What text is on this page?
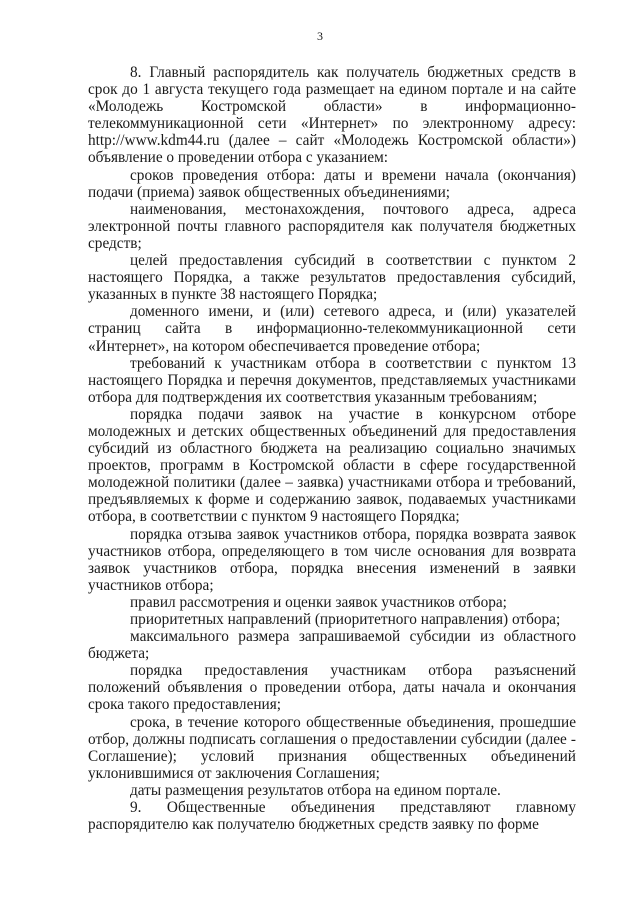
3

8. Главный распорядитель как получатель бюджетных средств в срок до 1 августа текущего года размещает на едином портале и на сайте «Молодежь Костромской области» в информационно-телекоммуникационной сети «Интернет» по электронному адресу: http://www.kdm44.ru (далее – сайт «Молодежь Костромской области») объявление о проведении отбора с указанием:

сроков проведения отбора: даты и времени начала (окончания) подачи (приема) заявок общественных объединениями;

наименования, местонахождения, почтового адреса, адреса электронной почты главного распорядителя как получателя бюджетных средств;

целей предоставления субсидий в соответствии с пунктом 2 настоящего Порядка, а также результатов предоставления субсидий, указанных в пункте 38 настоящего Порядка;

доменного имени, и (или) сетевого адреса, и (или) указателей страниц сайта в информационно-телекоммуникационной сети «Интернет», на котором обеспечивается проведение отбора;

требований к участникам отбора в соответствии с пунктом 13 настоящего Порядка и перечня документов, представляемых участниками отбора для подтверждения их соответствия указанным требованиям;

порядка подачи заявок на участие в конкурсном отборе молодежных и детских общественных объединений для предоставления субсидий из областного бюджета на реализацию социально значимых проектов, программ в Костромской области в сфере государственной молодежной политики (далее – заявка) участниками отбора и требований, предъявляемых к форме и содержанию заявок, подаваемых участниками отбора, в соответствии с пунктом 9 настоящего Порядка;

порядка отзыва заявок участников отбора, порядка возврата заявок участников отбора, определяющего в том числе основания для возврата заявок участников отбора, порядка внесения изменений в заявки участников отбора;

правил рассмотрения и оценки заявок участников отбора;

приоритетных направлений (приоритетного направления) отбора;

максимального размера запрашиваемой субсидии из областного бюджета;

порядка предоставления участникам отбора разъяснений положений объявления о проведении отбора, даты начала и окончания срока такого предоставления;

срока, в течение которого общественные объединения, прошедшие отбор, должны подписать соглашения о предоставлении субсидии (далее - Соглашение); условий признания общественных объединений уклонившимися от заключения Соглашения;

даты размещения результатов отбора на едином портале.

9. Общественные объединения представляют главному распорядителю как получателю бюджетных средств заявку по форме
